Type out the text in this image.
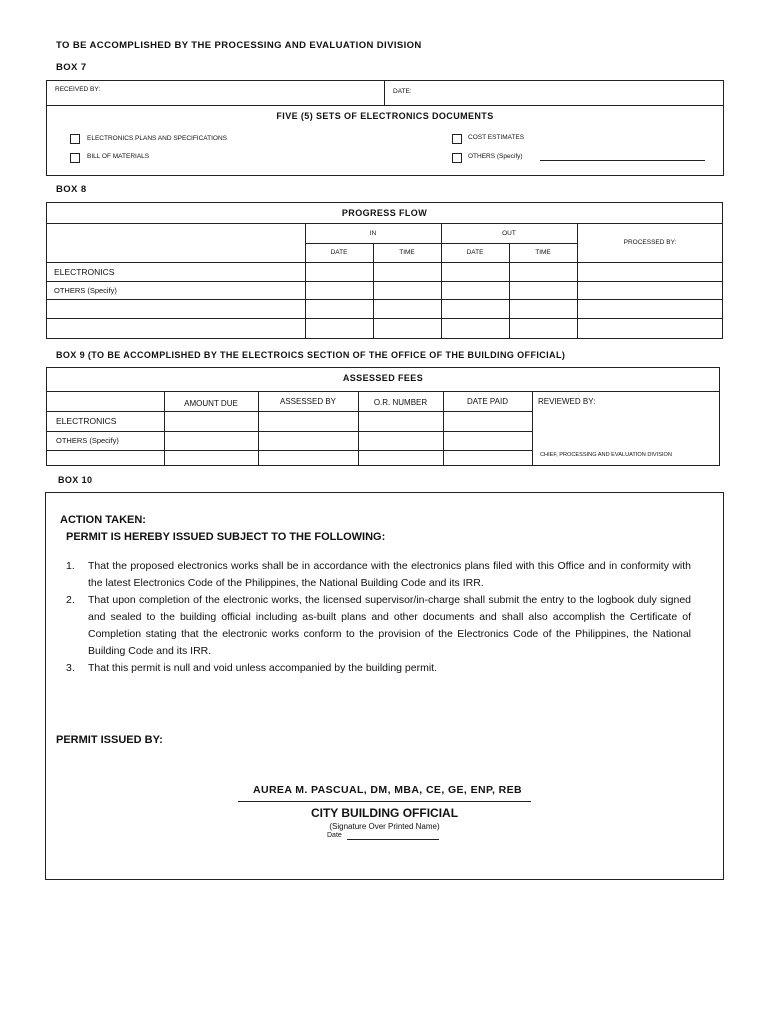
TO BE ACCOMPLISHED BY THE PROCESSING AND EVALUATION DIVISION
BOX 7
RECEIVED BY:	DATE:
FIVE (5) SETS OF ELECTRONICS DOCUMENTS
ELECTRONICS PLANS AND SPECIFICATIONS
BILL OF MATERIALS
COST ESTIMATES
OTHERS (Specify)
BOX 8
PROGRESS FLOW
IN	OUT
PROCESSED BY:
DATE	TIME	DATE	TIME
ELECTRONICS
OTHERS (Specify)
BOX 9 (TO BE ACCOMPLISHED BY THE ELECTROICS SECTION OF THE OFFICE OF THE BUILDING OFFICIAL)
ASSESSED FEES
AMOUNT DUE	ASSESSED BY	O.R. NUMBER	DATE PAID	REVIEWED BY:
CHIEF, PROCESSING AND EVALUATION DIVISION
ELECTRONICS
OTHERS (Specify)
BOX 10
ACTION TAKEN:
PERMIT IS HEREBY ISSUED SUBJECT TO THE FOLLOWING:
1. That the proposed electronics works shall be in accordance with the electronics plans filed with this Office and in conformity with the latest Electronics Code of the Philippines, the National Building Code and its IRR.
2. That upon completion of the electronic works, the licensed supervisor/in-charge shall submit the entry to the logbook duly signed and sealed to the building official including as-built plans and other documents and shall also accomplish the Certificate of Completion stating that the electronic works conform to the provision of the Electronics Code of the Philippines, the National Building Code and its IRR.
3. That this permit is null and void unless accompanied by the building permit.
PERMIT ISSUED BY:
AUREA M. PASCUAL, DM, MBA, CE, GE, ENP, REB
CITY BUILDING OFFICIAL
(Signature Over Printed Name)
Date
